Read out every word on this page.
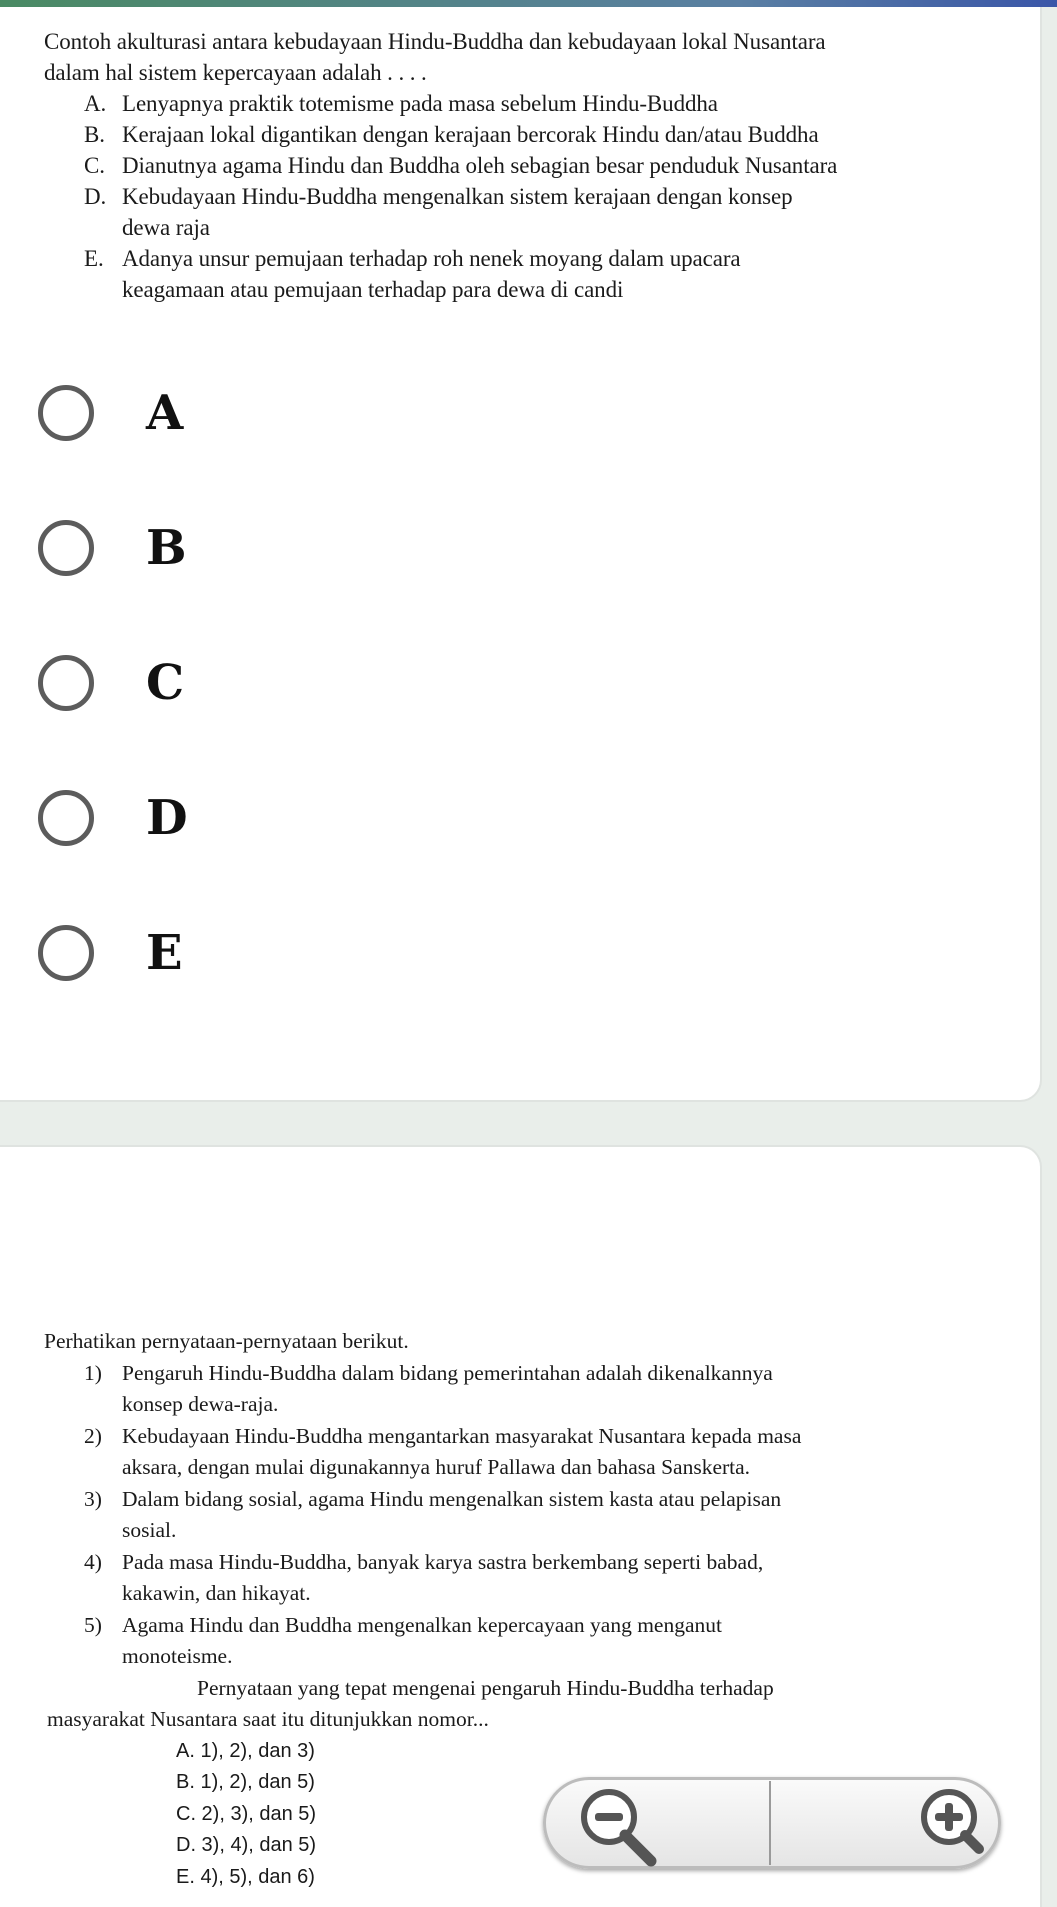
Contoh akulturasi antara kebudayaan Hindu-Buddha dan kebudayaan lokal Nusantara
dalam hal sistem kepercayaan adalah . . . .

A. Lenyapnya praktik totemisme pada masa sebelum Hindu-Buddha
B. Kerajaan lokal digantikan dengan kerajaan bercorak Hindu dan/atau Buddha
C. Dianutnya agama Hindu dan Buddha oleh sebagian besar penduduk Nusantara
D. Kebudayaan Hindu-Buddha mengenalkan sistem kerajaan dengan konsep
dewa raja
E. Adanya unsur pemujaan terhadap roh nenek moyang dalam upacara
keagamaan atau pemujaan terhadap para dewa di candi
A
B
C
D
E

Perhatikan pernyataan-pernyataan berikut.

1) Pengaruh Hindu-Buddha dalam bidang pemerintahan adalah dikenalkannya
konsep dewa-raja.
2) Kebudayaan Hindu-Buddha mengantarkan masyarakat Nusantara kepada masa
aksara, dengan mulai digunakannya huruf Pallawa dan bahasa Sanskerta.
3) Dalam bidang sosial, agama Hindu mengenalkan sistem kasta atau pelapisan
sosial.
4) Pada masa Hindu-Buddha, banyak karya sastra berkembang seperti babad,
kakawin, dan hikayat.
5) Agama Hindu dan Buddha mengenalkan kepercayaan yang menganut
monoteisme.

Pernyataan yang tepat mengenai pengaruh Hindu-Buddha terhadap
masyarakat Nusantara saat itu ditunjukkan nomor...

A. 1), 2), dan 3)
B. 1), 2), dan 5)
C. 2), 3), dan 5)
D. 3), 4), dan 5)
E. 4), 5), dan 6)
